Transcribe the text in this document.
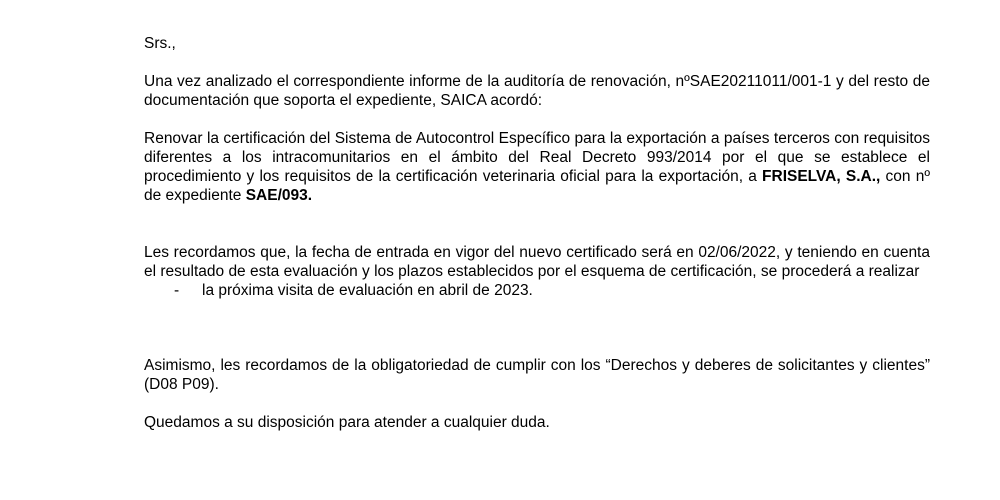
Srs.,

Una vez analizado el correspondiente informe de la auditoría de renovación, nºSAE20211011/001-1 y del resto de documentación que soporta el expediente, SAICA acordó:

Renovar la certificación del Sistema de Autocontrol Específico para la exportación a países terceros con requisitos diferentes a los intracomunitarios en el ámbito del Real Decreto 993/2014 por el que se establece el procedimiento y los requisitos de la certificación veterinaria oficial para la exportación, a FRISELVA, S.A., con nº de expediente SAE/093.

Les recordamos que, la fecha de entrada en vigor del nuevo certificado será en 02/06/2022, y teniendo en cuenta el resultado de esta evaluación y los plazos establecidos por el esquema de certificación, se procederá a realizar

- la próxima visita de evaluación en abril de 2023.

Asimismo, les recordamos de la obligatoriedad de cumplir con los “Derechos y deberes de solicitantes y clientes” (D08 P09).

Quedamos a su disposición para atender a cualquier duda.
